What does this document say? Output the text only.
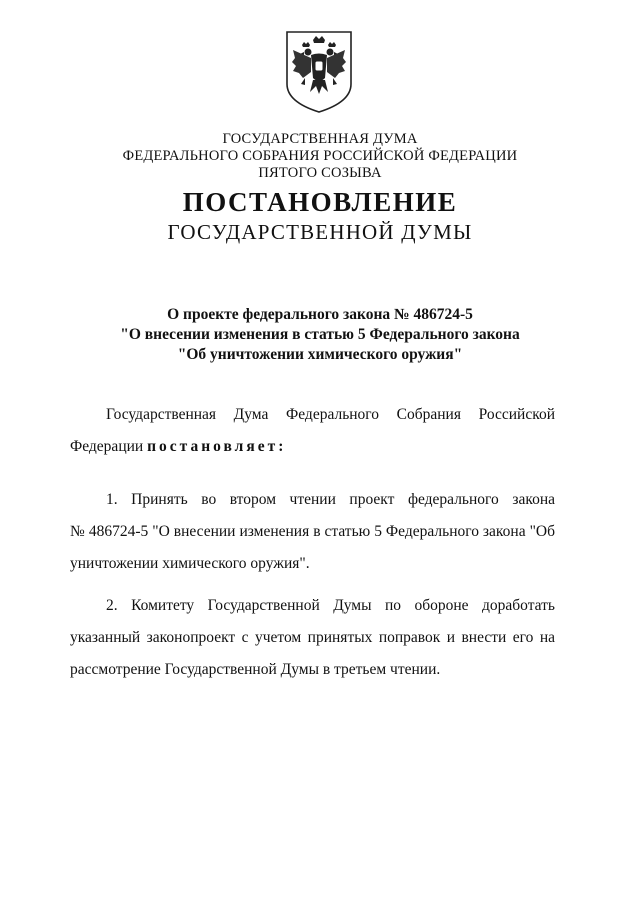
ГОСУДАРСТВЕННАЯ ДУМА
ФЕДЕРАЛЬНОГО СОБРАНИЯ РОССИЙСКОЙ ФЕДЕРАЦИИ
ПЯТОГО СОЗЫВА
ПОСТАНОВЛЕНИЕ
ГОСУДАРСТВЕННОЙ ДУМЫ
О проекте федерального закона № 486724-5
"О внесении изменения в статью 5 Федерального закона
"Об уничтожении химического оружия"
Государственная Дума Федерального Собрания Российской
Федерации постановляет:
1. Принять во втором чтении проект федерального закона
№ 486724-5 "О внесении изменения в статью 5 Федерального закона "Об
уничтожении химического оружия".
2. Комитету Государственной Думы по обороне доработать
указанный законопроект с учетом принятых поправок и внести его на
рассмотрение Государственной Думы в третьем чтении.
